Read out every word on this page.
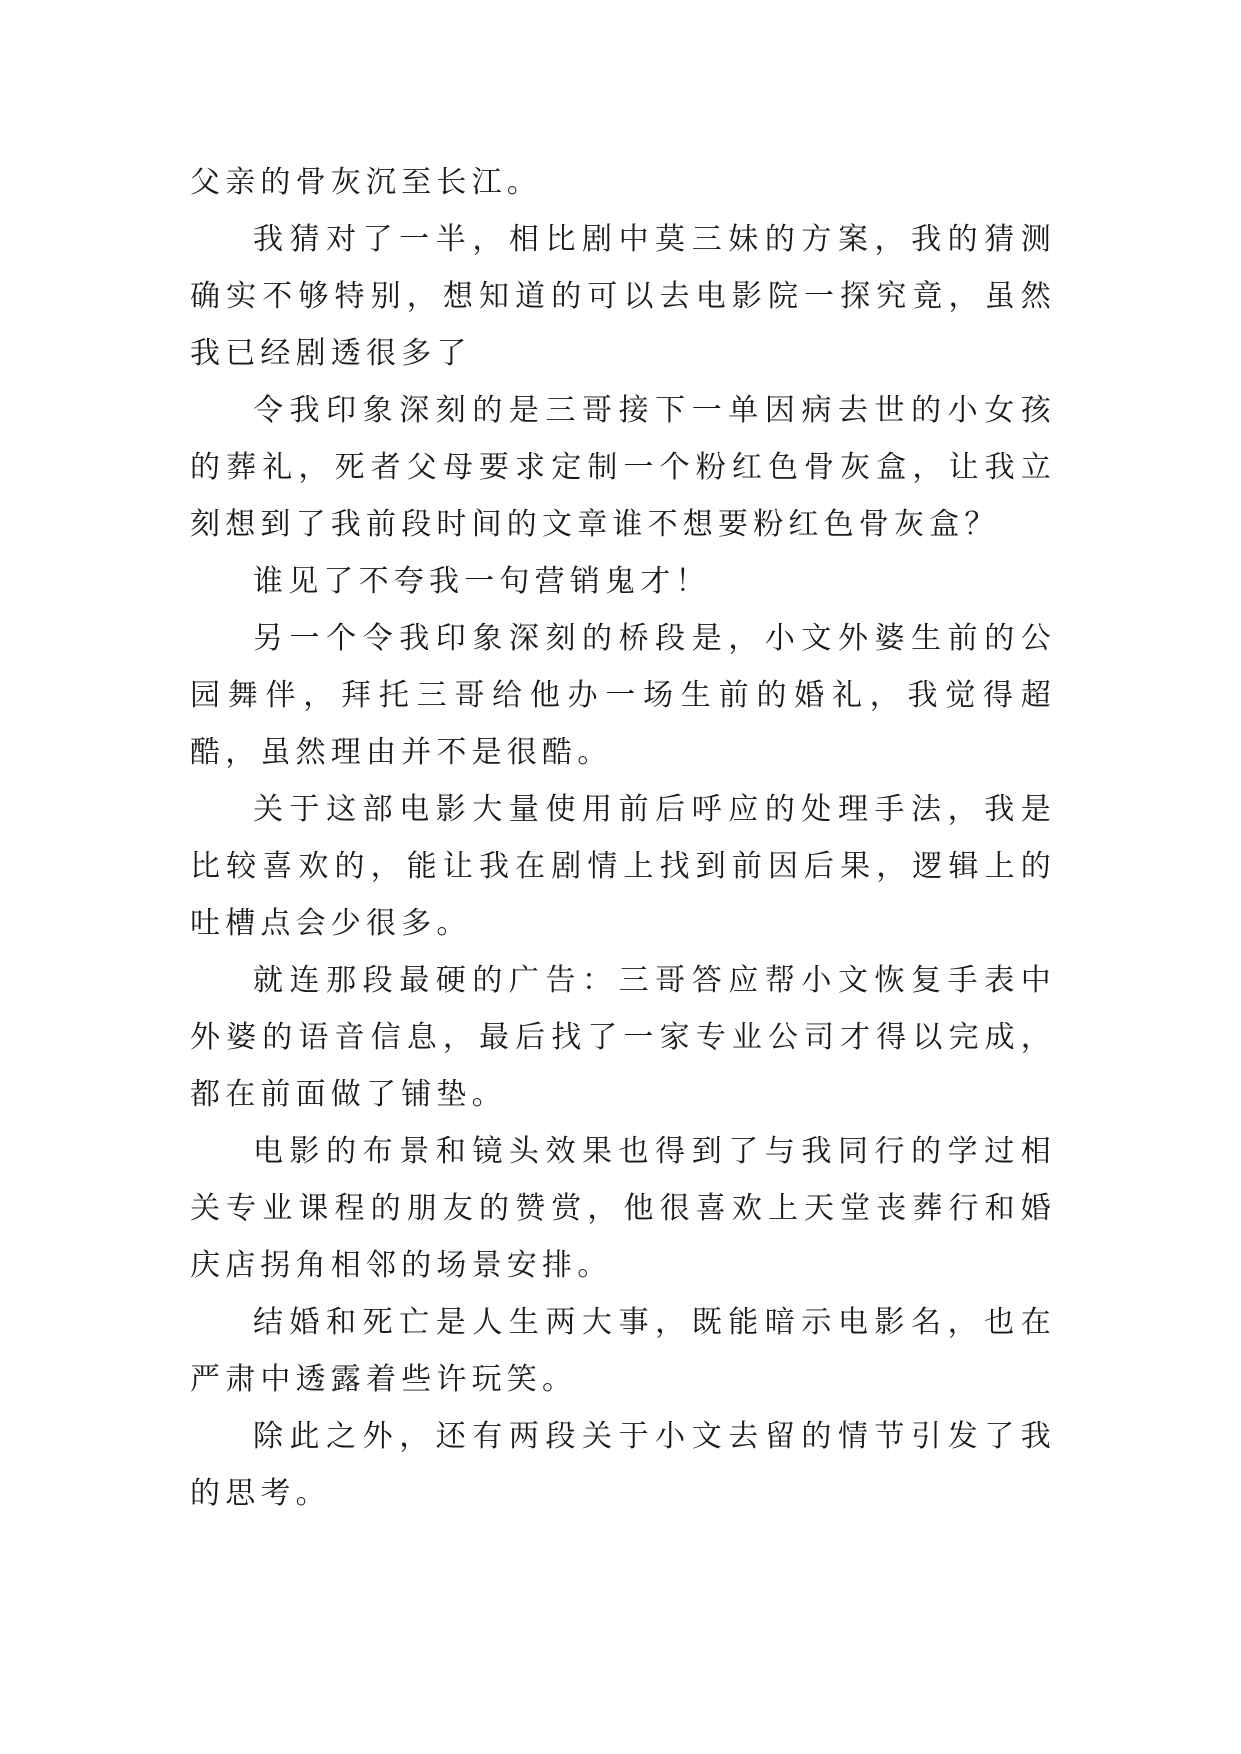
父亲的骨灰沉至长江。

我猜对了一半，相比剧中莫三妹的方案，我的猜测确实不够特别，想知道的可以去电影院一探究竟，虽然我已经剧透很多了

令我印象深刻的是三哥接下一单因病去世的小女孩的葬礼，死者父母要求定制一个粉红色骨灰盒，让我立刻想到了我前段时间的文章谁不想要粉红色骨灰盒？

谁见了不夸我一句营销鬼才！

另一个令我印象深刻的桥段是，小文外婆生前的公园舞伴，拜托三哥给他办一场生前的婚礼，我觉得超酷，虽然理由并不是很酷。

关于这部电影大量使用前后呼应的处理手法，我是比较喜欢的，能让我在剧情上找到前因后果，逻辑上的吐槽点会少很多。

就连那段最硬的广告：三哥答应帮小文恢复手表中外婆的语音信息，最后找了一家专业公司才得以完成，都在前面做了铺垫。

电影的布景和镜头效果也得到了与我同行的学过相关专业课程的朋友的赞赏，他很喜欢上天堂丧葬行和婚庆店拐角相邻的场景安排。

结婚和死亡是人生两大事，既能暗示电影名，也在严肃中透露着些许玩笑。

除此之外，还有两段关于小文去留的情节引发了我的思考。
